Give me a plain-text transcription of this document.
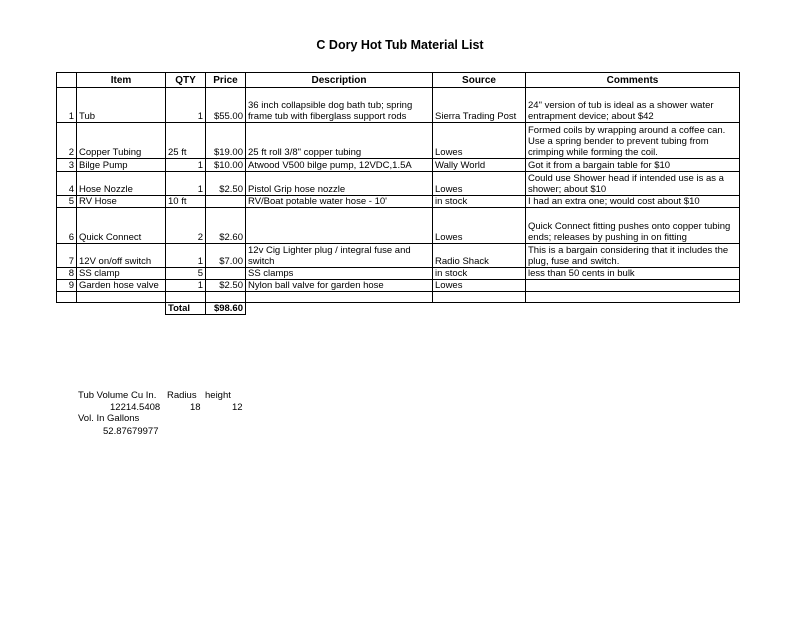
C Dory Hot Tub Material List
	Item	QTY	Price	Description	Source	Comments
1	Tub	1	$55.00	36 inch collapsible dog bath tub; spring frame tub with fiberglass support rods	Sierra Trading Post	24" version of tub is ideal as a shower water entrapment device; about $42
2	Copper Tubing	25 ft	$19.00	25 ft roll 3/8" copper tubing	Lowes	Formed coils by wrapping around a coffee can. Use a spring bender to prevent tubing from crimping while forming the coil.
3	Bilge Pump	1	$10.00	Atwood V500 bilge pump, 12VDC,1.5A	Wally World	Got it from a bargain table for $10
4	Hose Nozzle	1	$2.50	Pistol Grip hose nozzle	Lowes	Could use Shower head if intended use is as a shower; about $10
5	RV Hose	10 ft		RV/Boat potable water hose - 10'	in stock	I had an extra one; would cost about $10
6	Quick Connect	2	$2.60		Lowes	Quick Connect fitting pushes onto copper tubing ends; releases by pushing in on fitting
7	12V on/off switch	1	$7.00	12v Cig Lighter plug / integral fuse and switch	Radio Shack	This is a bargain considering that it includes the plug, fuse and switch.
8	SS clamp	5		SS clamps	in stock	less than 50 cents in bulk
9	Garden hose valve	1	$2.50	Nylon ball valve for garden hose	Lowes	

		Total	$98.60			
Tub Volume Cu In. Radius height
12214.5408	18	12
Vol. In Gallons
52.87679977
